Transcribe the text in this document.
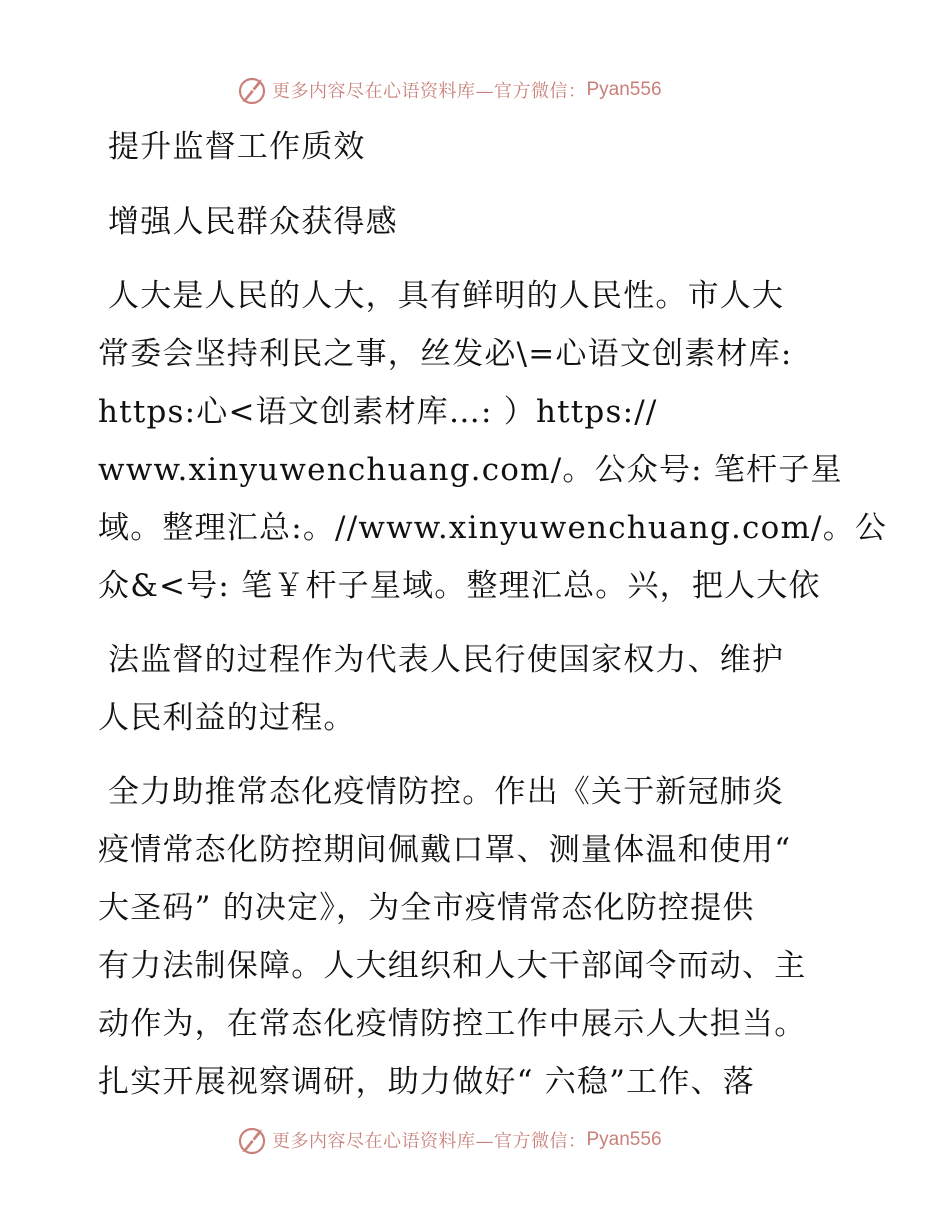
更多内容尽在心语资料库—官方微信： Pyan556
提升监督工作质效
增强人民群众获得感
人大是人民的人大，具有鲜明的人民性。市人大
常委会坚持利民之事，丝发必\=心语文创素材库:
https:心<语文创素材库…: ）https://
www.xinyuwenchuang.com/。公众号: 笔杆子星
域。整理汇总:。//www.xinyuwenchuang.com/。公
众&<号: 笔￥杆子星域。整理汇总。兴，把人大依
法监督的过程作为代表人民行使国家权力、维护
人民利益的过程。
全力助推常态化疫情防控。作出《关于新冠肺炎
疫情常态化防控期间佩戴口罩、测量体温和使用“
大圣码” 的决定》，为全市疫情常态化防控提供
有力法制保障。人大组织和人大干部闻令而动、主
动作为，在常态化疫情防控工作中展示人大担当。
扎实开展视察调研，助力做好“ 六稳”工作、落
更多内容尽在心语资料库—官方微信： Pyan556
